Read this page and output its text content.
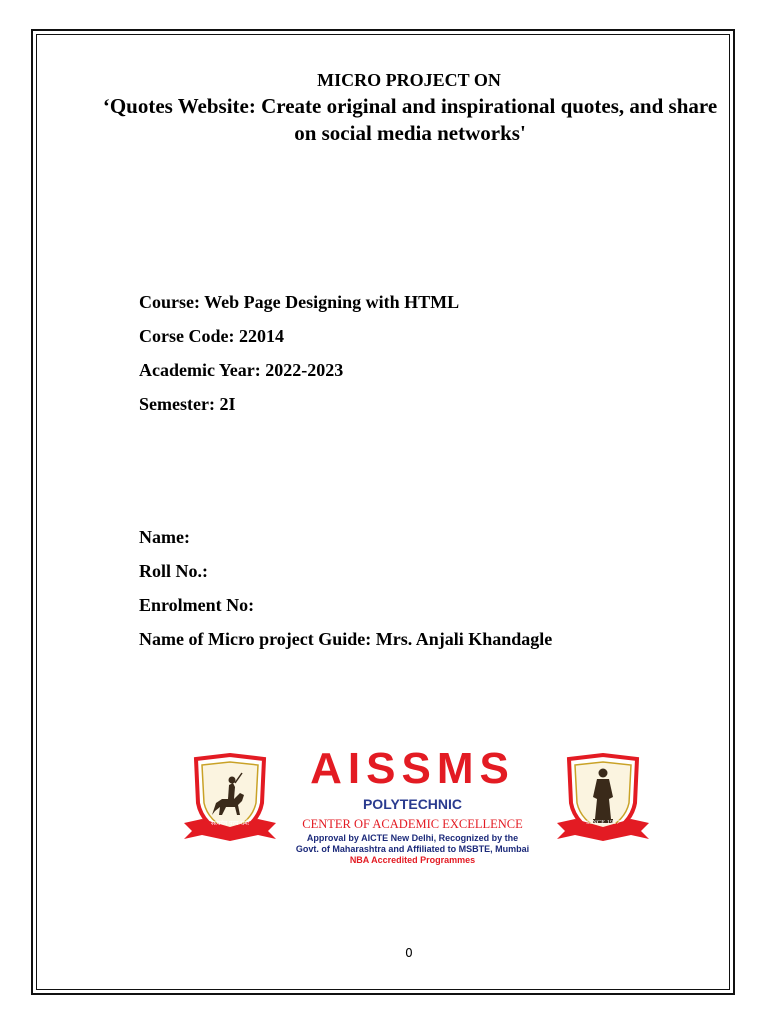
MICRO PROJECT ON
‘Quotes Website: Create original and inspirational quotes, and share on social media networks'
Course: Web Page Designing with HTML
Corse Code: 22014
Academic Year: 2022-2023
Semester: 2I
Name:
Roll No.:
Enrolment No:
Name of Micro project Guide: Mrs. Anjali Khandagle
सत्यमेव परम धर्मः
AISSMS
POLYTECHNIC
CENTER OF ACADEMIC EXCELLENCE
Approval by AICTE New Delhi, Recognized by the
Govt. of Maharashtra and Affiliated to MSBTE, Mumbai
NBA Accredited Programmes
SINCE 1917
0
